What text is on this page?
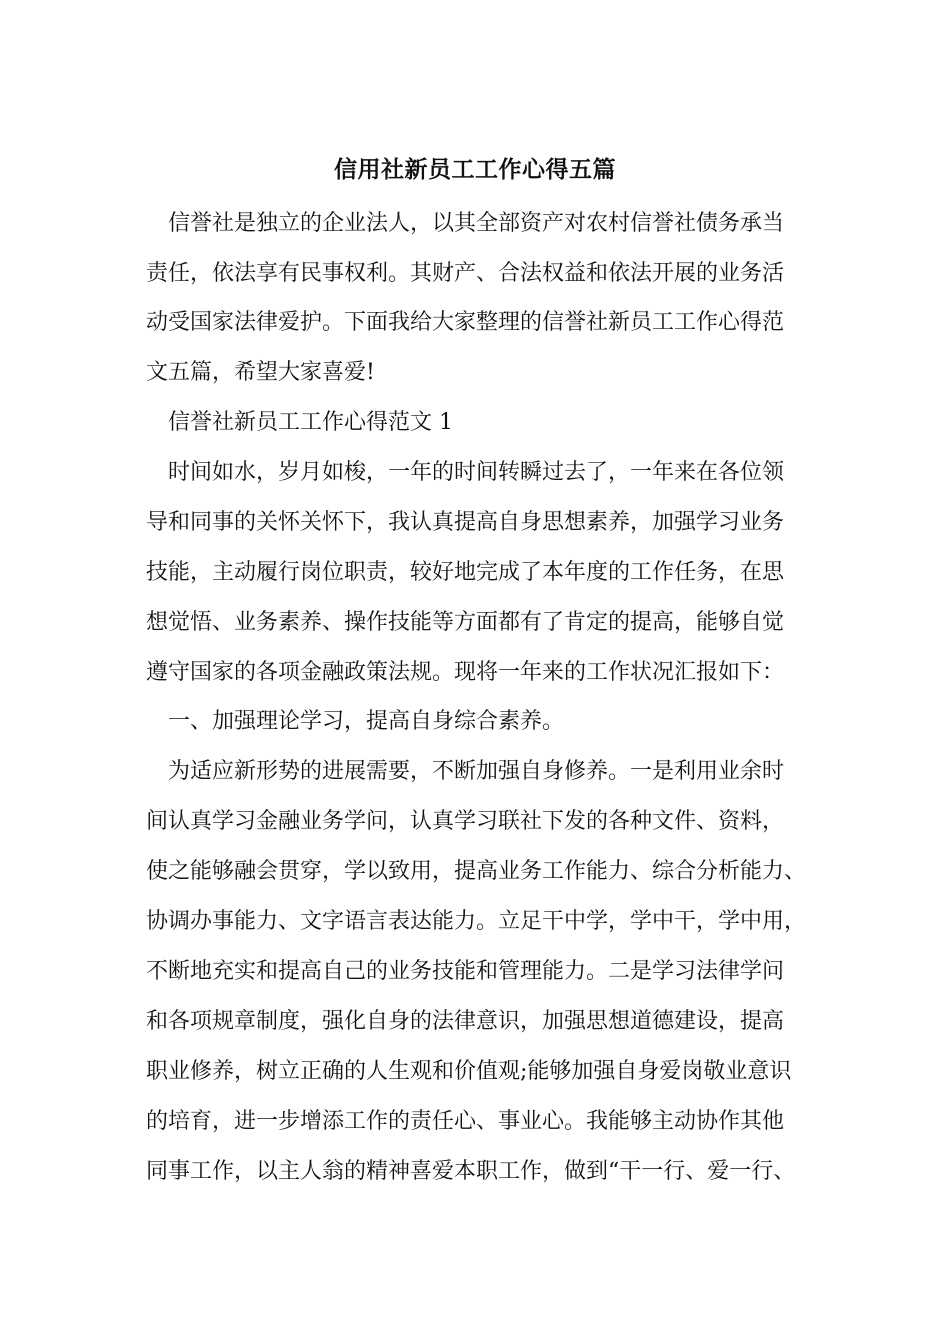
信用社新员工工作心得五篇
　信誉社是独立的企业法人，以其全部资产对农村信誉社债务承当
责任，依法享有民事权利。其财产、合法权益和依法开展的业务活
动受国家法律爱护。下面我给大家整理的信誉社新员工工作心得范
文五篇，希望大家喜爱!
　信誉社新员工工作心得范文 1
　时间如水，岁月如梭，一年的时间转瞬过去了，一年来在各位领
导和同事的关怀关怀下，我认真提高自身思想素养，加强学习业务
技能，主动履行岗位职责，较好地完成了本年度的工作任务，在思
想觉悟、业务素养、操作技能等方面都有了肯定的提高，能够自觉
遵守国家的各项金融政策法规。现将一年来的工作状况汇报如下：
　一、加强理论学习，提高自身综合素养。
　为适应新形势的进展需要，不断加强自身修养。一是利用业余时
间认真学习金融业务学问，认真学习联社下发的各种文件、资料，
使之能够融会贯穿，学以致用，提高业务工作能力、综合分析能力、
协调办事能力、文字语言表达能力。立足干中学，学中干，学中用，
不断地充实和提高自己的业务技能和管理能力。二是学习法律学问
和各项规章制度，强化自身的法律意识，加强思想道德建设，提高
职业修养，树立正确的人生观和价值观;能够加强自身爱岗敬业意识
的培育，进一步增添工作的责任心、事业心。我能够主动协作其他
同事工作，以主人翁的精神喜爱本职工作，做到“干一行、爱一行、
